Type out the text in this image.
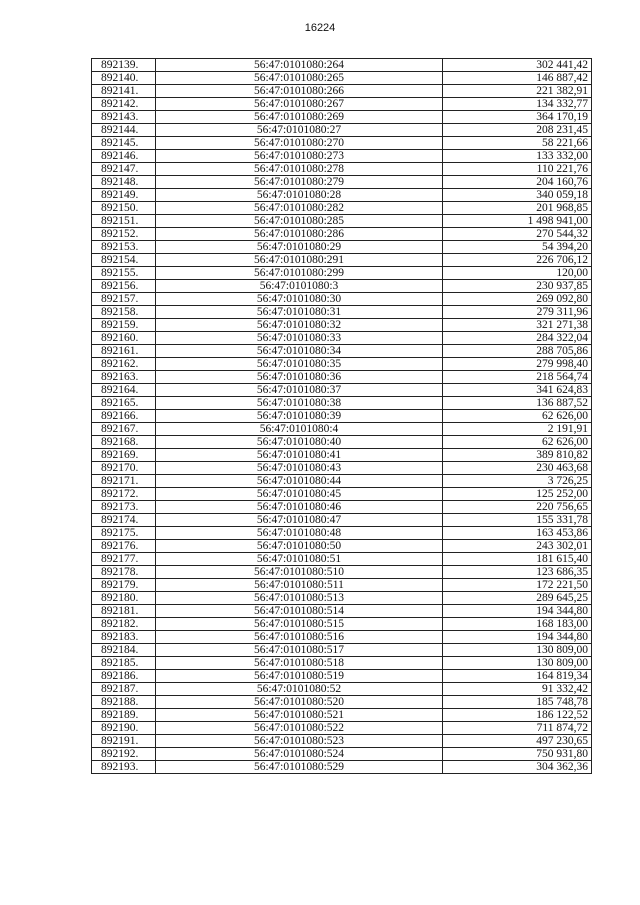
16224
892139.	56:47:0101080:264	302 441,42
892140.	56:47:0101080:265	146 887,42
892141.	56:47:0101080:266	221 382,91
892142.	56:47:0101080:267	134 332,77
892143.	56:47:0101080:269	364 170,19
892144.	56:47:0101080:27	208 231,45
892145.	56:47:0101080:270	58 221,66
892146.	56:47:0101080:273	133 332,00
892147.	56:47:0101080:278	110 221,76
892148.	56:47:0101080:279	204 160,76
892149.	56:47:0101080:28	340 059,18
892150.	56:47:0101080:282	201 968,85
892151.	56:47:0101080:285	1 498 941,00
892152.	56:47:0101080:286	270 544,32
892153.	56:47:0101080:29	54 394,20
892154.	56:47:0101080:291	226 706,12
892155.	56:47:0101080:299	120,00
892156.	56:47:0101080:3	230 937,85
892157.	56:47:0101080:30	269 092,80
892158.	56:47:0101080:31	279 311,96
892159.	56:47:0101080:32	321 271,38
892160.	56:47:0101080:33	284 322,04
892161.	56:47:0101080:34	288 705,86
892162.	56:47:0101080:35	279 998,40
892163.	56:47:0101080:36	218 564,74
892164.	56:47:0101080:37	341 624,83
892165.	56:47:0101080:38	136 887,52
892166.	56:47:0101080:39	62 626,00
892167.	56:47:0101080:4	2 191,91
892168.	56:47:0101080:40	62 626,00
892169.	56:47:0101080:41	389 810,82
892170.	56:47:0101080:43	230 463,68
892171.	56:47:0101080:44	3 726,25
892172.	56:47:0101080:45	125 252,00
892173.	56:47:0101080:46	220 756,65
892174.	56:47:0101080:47	155 331,78
892175.	56:47:0101080:48	163 453,86
892176.	56:47:0101080:50	243 302,01
892177.	56:47:0101080:51	181 615,40
892178.	56:47:0101080:510	123 686,35
892179.	56:47:0101080:511	172 221,50
892180.	56:47:0101080:513	289 645,25
892181.	56:47:0101080:514	194 344,80
892182.	56:47:0101080:515	168 183,00
892183.	56:47:0101080:516	194 344,80
892184.	56:47:0101080:517	130 809,00
892185.	56:47:0101080:518	130 809,00
892186.	56:47:0101080:519	164 819,34
892187.	56:47:0101080:52	91 332,42
892188.	56:47:0101080:520	185 748,78
892189.	56:47:0101080:521	186 122,52
892190.	56:47:0101080:522	711 874,72
892191.	56:47:0101080:523	497 230,65
892192.	56:47:0101080:524	750 931,80
892193.	56:47:0101080:529	304 362,36
